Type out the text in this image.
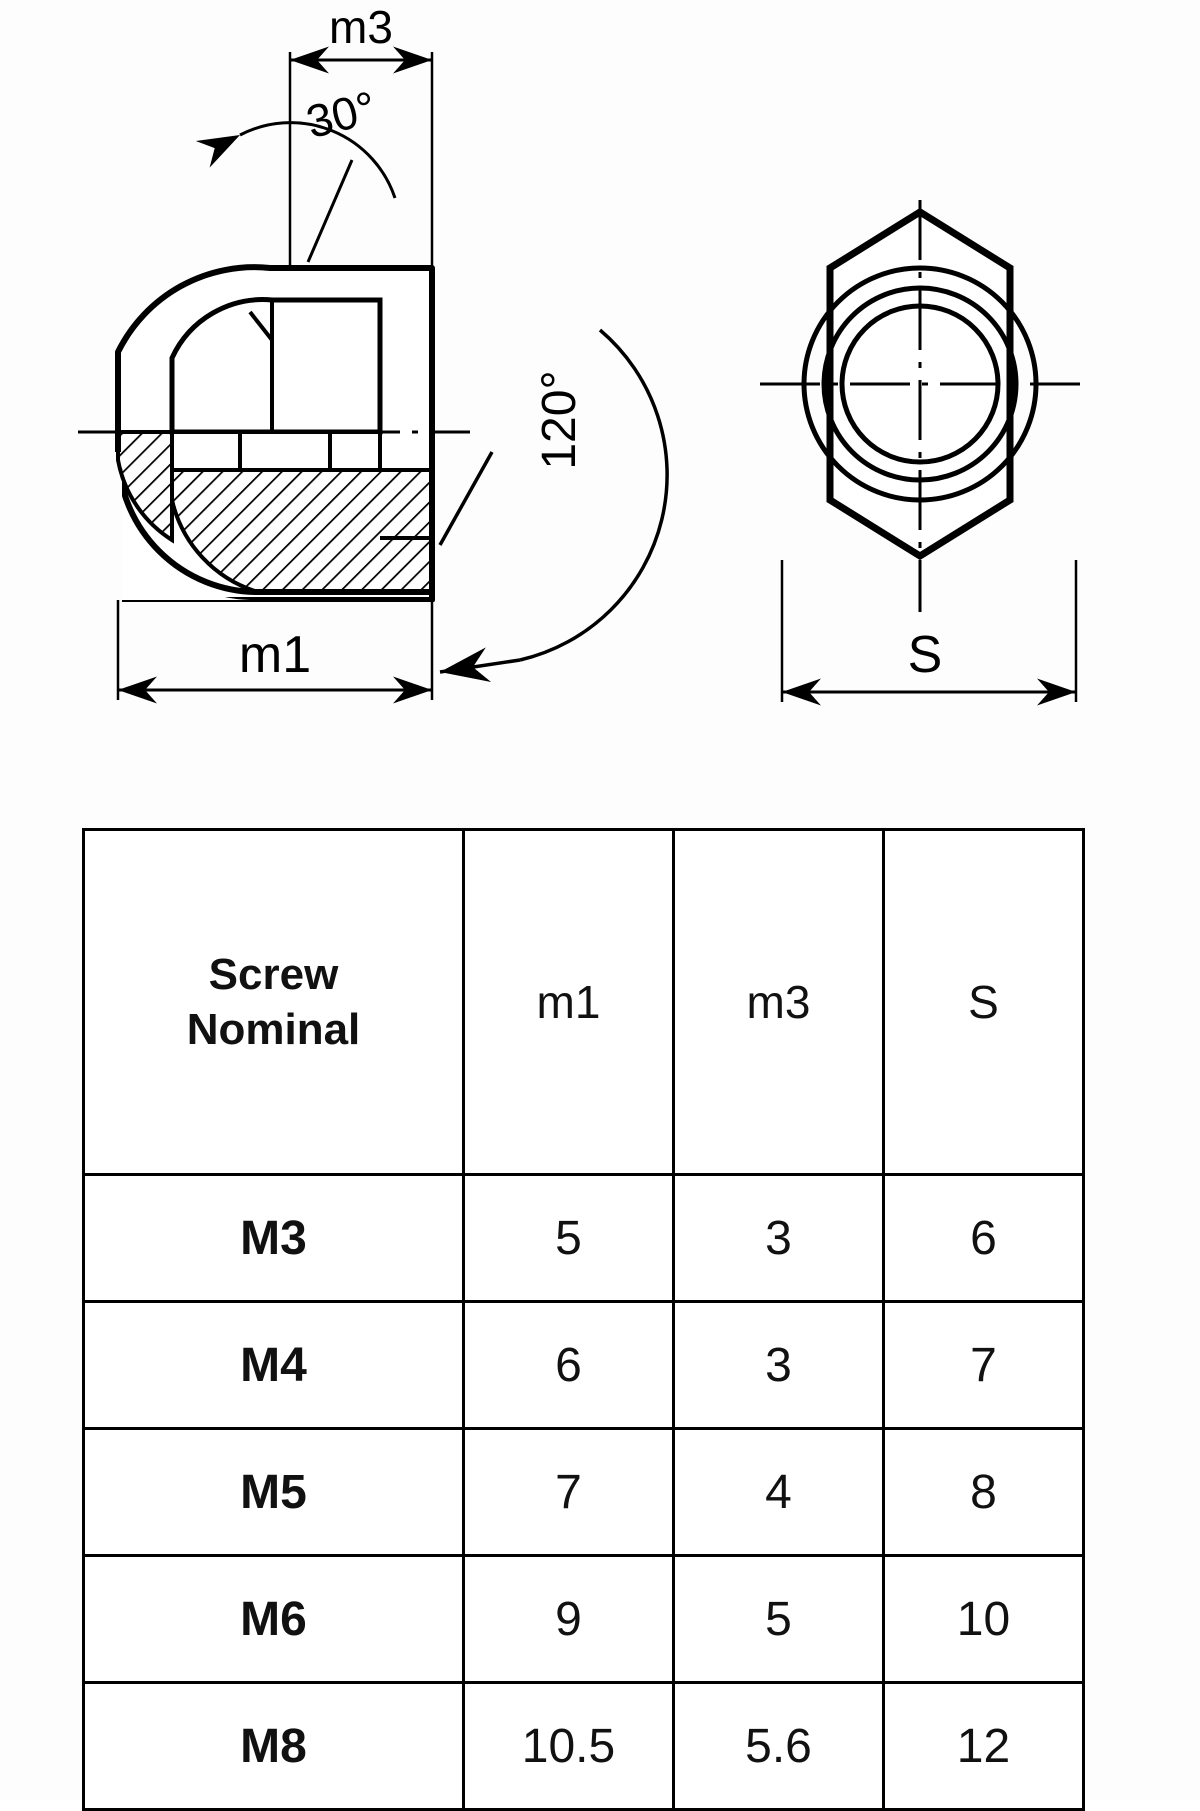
m3
30°
120°
m1	S
Screw
Nominal	m1	m3	S
M3	5	3	6
M4	6	3	7
M5	7	4	8
M6	9	5	10
M8	10.5	5.6	12
